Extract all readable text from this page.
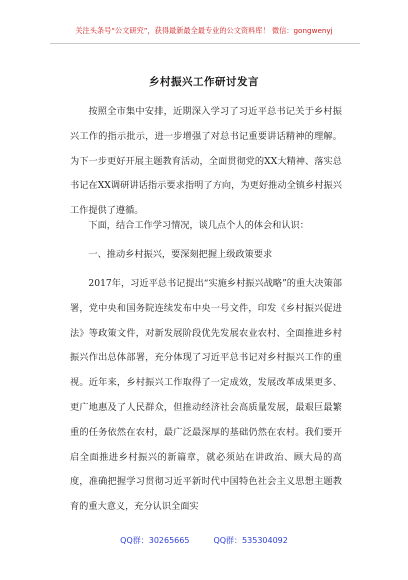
关注头条号“公文研究”，获得最新最全最专业的公文资料库！ 微信：gongwenyj
乡村振兴工作研讨发言

按照全市集中安排，近期深入学习了习近平总书记关于乡村振兴工作的指示批示，进一步增强了对总书记重要讲话精神的理解。为下一步更好开展主题教育活动，全面贯彻党的XX大精神、落实总书记在XX调研讲话指示要求指明了方向，为更好推动全镇乡村振兴工作提供了遵循。

下面，结合工作学习情况，谈几点个人的体会和认识：

一、推动乡村振兴，要深刻把握上级政策要求

2017年，习近平总书记提出“实施乡村振兴战略”的重大决策部署，党中央和国务院连续发布中央一号文件，印发《乡村振兴促进法》等政策文件，对新发展阶段优先发展农业农村、全面推进乡村振兴作出总体部署，充分体现了习近平总书记对乡村振兴工作的重视。近年来，乡村振兴工作取得了一定成效，发展改革成果更多、更广地惠及了人民群众，但推动经济社会高质量发展，最艰巨最繁重的任务依然在农村，最广泛最深厚的基础仍然在农村。我们要开启全面推进乡村振兴的新篇章，就必须站在讲政治、顾大局的高度，准确把握学习贯彻习近平新时代中国特色社会主义思想主题教育的重大意义，充分认识全面实

QQ群：30265665	QQ群：535304092
